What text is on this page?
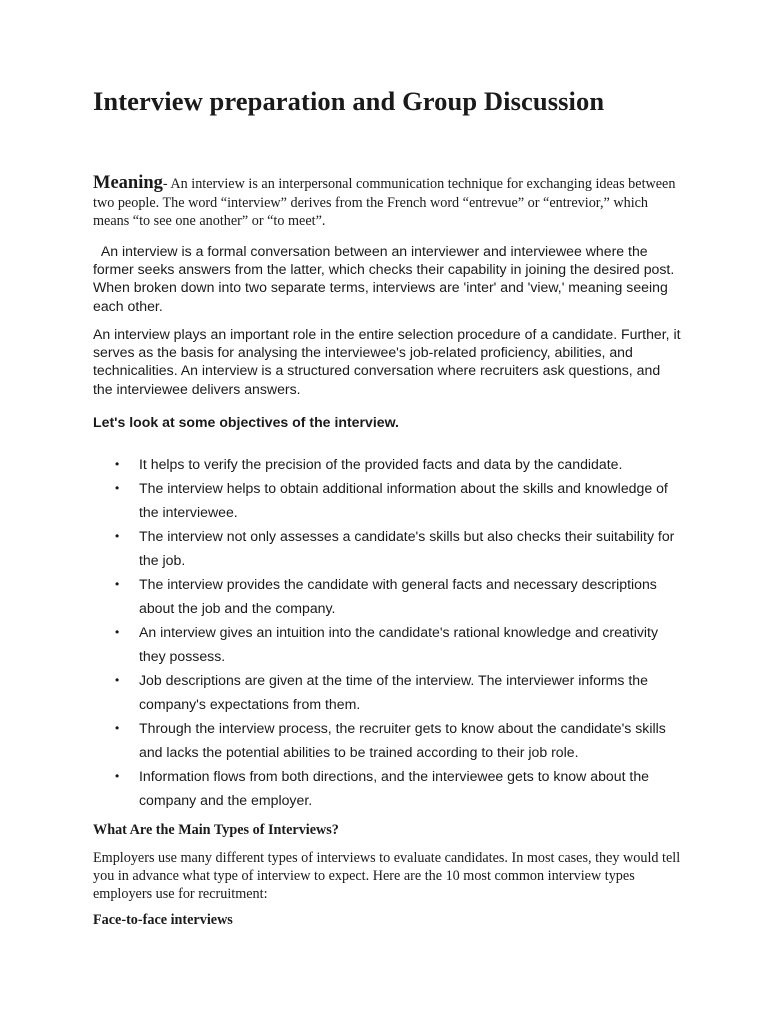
Interview preparation and Group Discussion

Meaning- An interview is an interpersonal communication technique for exchanging ideas between two people. The word “interview” derives from the French word “entrevue” or “entrevior,” which means “to see one another” or “to meet”.

An interview is a formal conversation between an interviewer and interviewee where the former seeks answers from the latter, which checks their capability in joining the desired post. When broken down into two separate terms, interviews are 'inter' and 'view,' meaning seeing each other.

An interview plays an important role in the entire selection procedure of a candidate. Further, it serves as the basis for analysing the interviewee's job-related proficiency, abilities, and technicalities. An interview is a structured conversation where recruiters ask questions, and the interviewee delivers answers.

Let's look at some objectives of the interview.

• It helps to verify the precision of the provided facts and data by the candidate.
• The interview helps to obtain additional information about the skills and knowledge of the interviewee.
• The interview not only assesses a candidate's skills but also checks their suitability for the job.
• The interview provides the candidate with general facts and necessary descriptions about the job and the company.
• An interview gives an intuition into the candidate's rational knowledge and creativity they possess.
• Job descriptions are given at the time of the interview. The interviewer informs the company's expectations from them.
• Through the interview process, the recruiter gets to know about the candidate's skills and lacks the potential abilities to be trained according to their job role.
• Information flows from both directions, and the interviewee gets to know about the company and the employer.

What Are the Main Types of Interviews?

Employers use many different types of interviews to evaluate candidates. In most cases, they would tell you in advance what type of interview to expect. Here are the 10 most common interview types employers use for recruitment:

Face-to-face interviews
